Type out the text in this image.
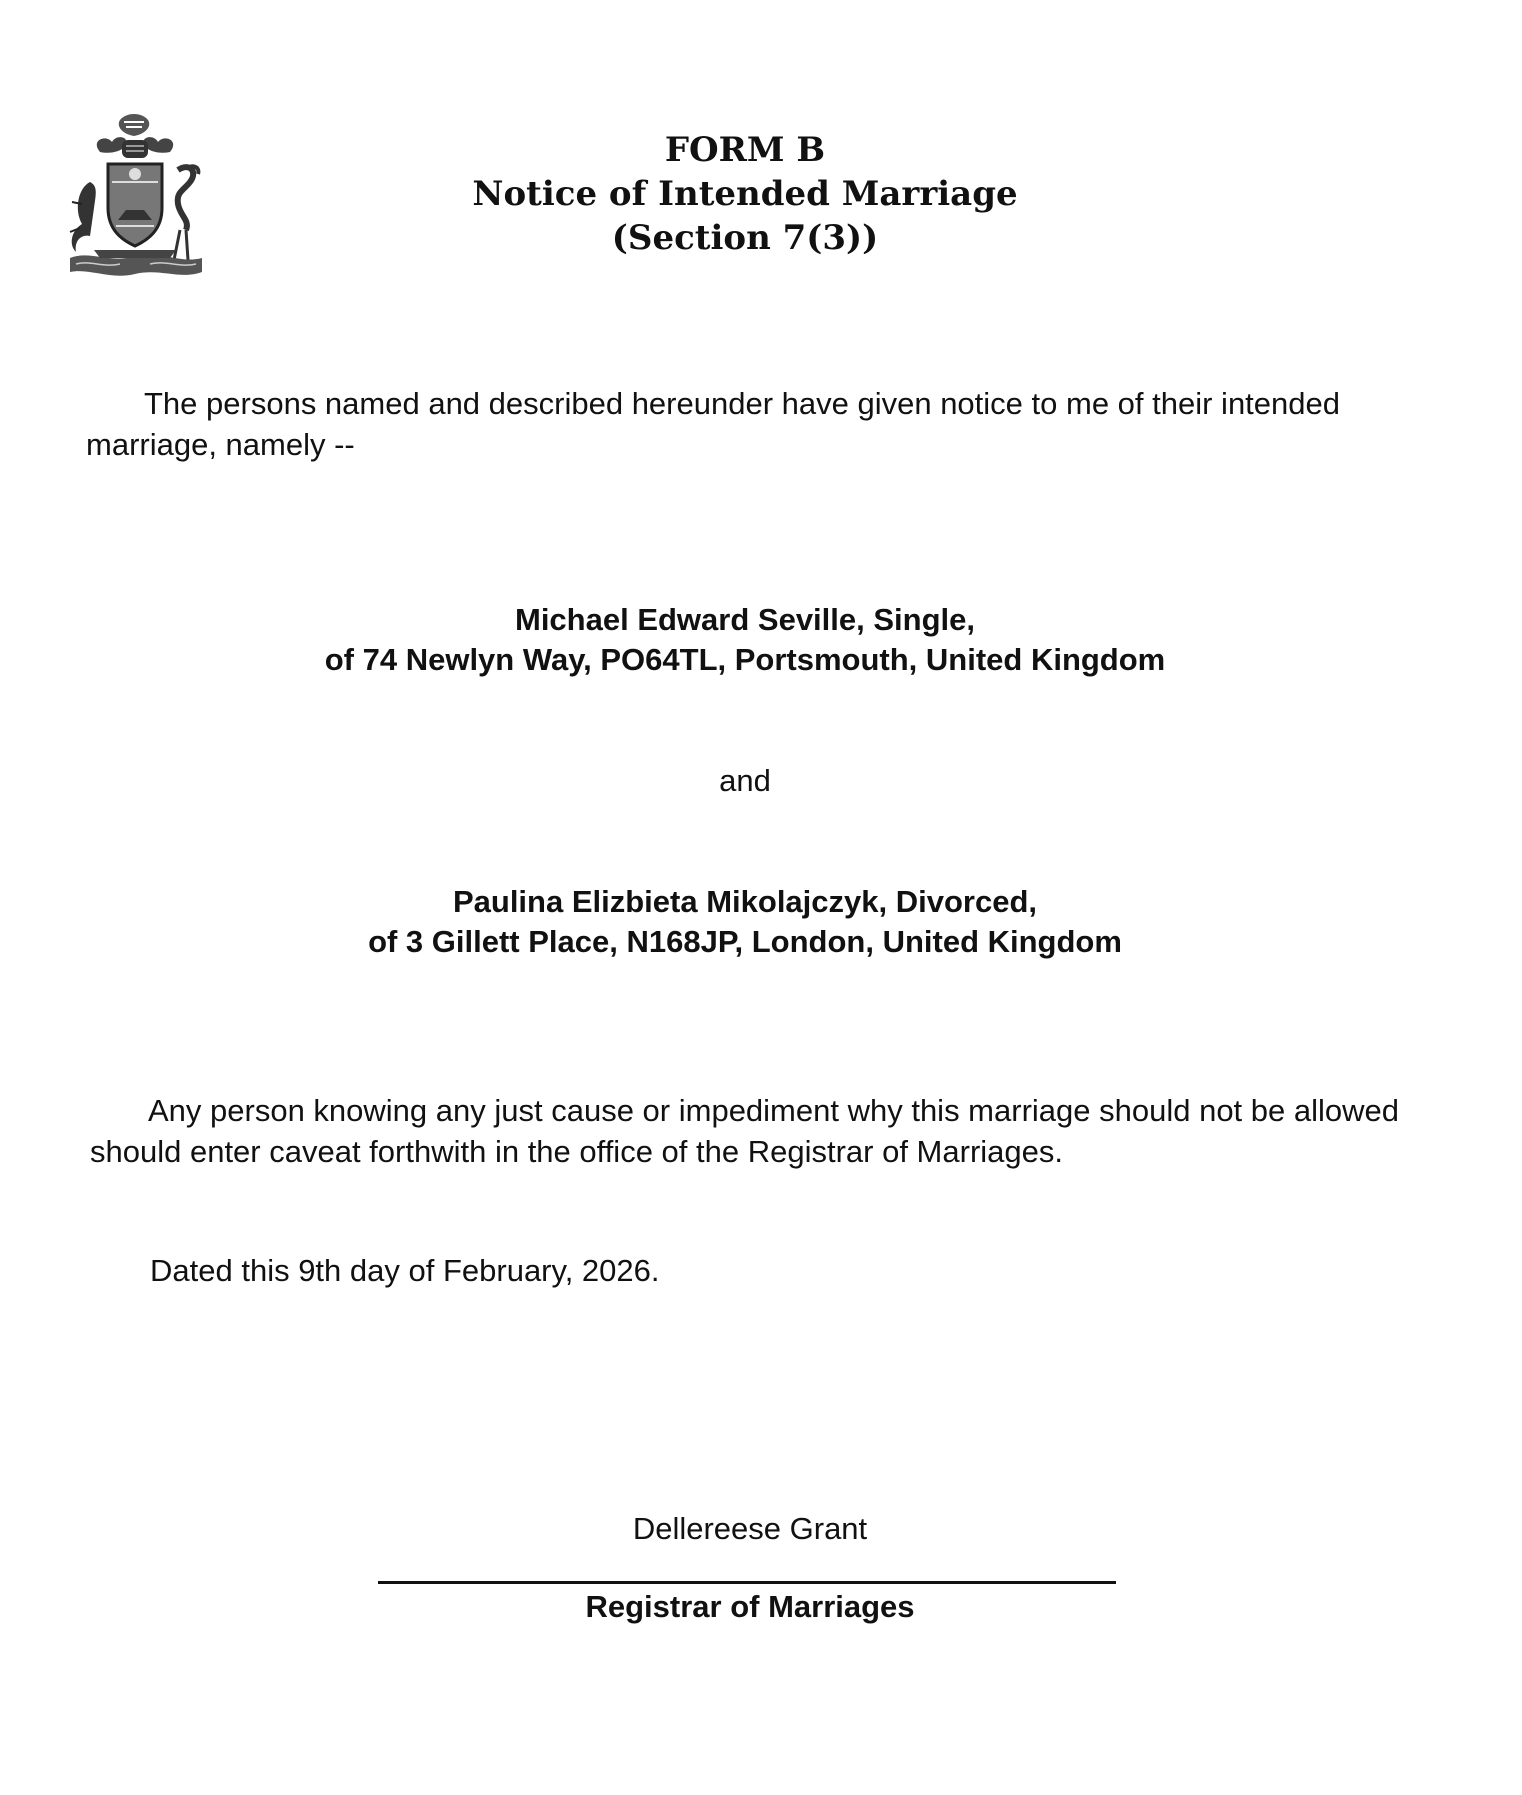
FORM B
Notice of Intended Marriage
(Section 7(3))
The persons named and described hereunder have given notice to me of their intended marriage, namely --
Michael Edward Seville, Single,
of 74 Newlyn Way, PO64TL, Portsmouth, United Kingdom
and
Paulina Elizbieta Mikolajczyk, Divorced,
of 3 Gillett Place, N168JP, London, United Kingdom
Any person knowing any just cause or impediment why this marriage should not be allowed should enter caveat forthwith in the office of the Registrar of Marriages.
Dated this 9th day of February, 2026.
Dellereese Grant
Registrar of Marriages
